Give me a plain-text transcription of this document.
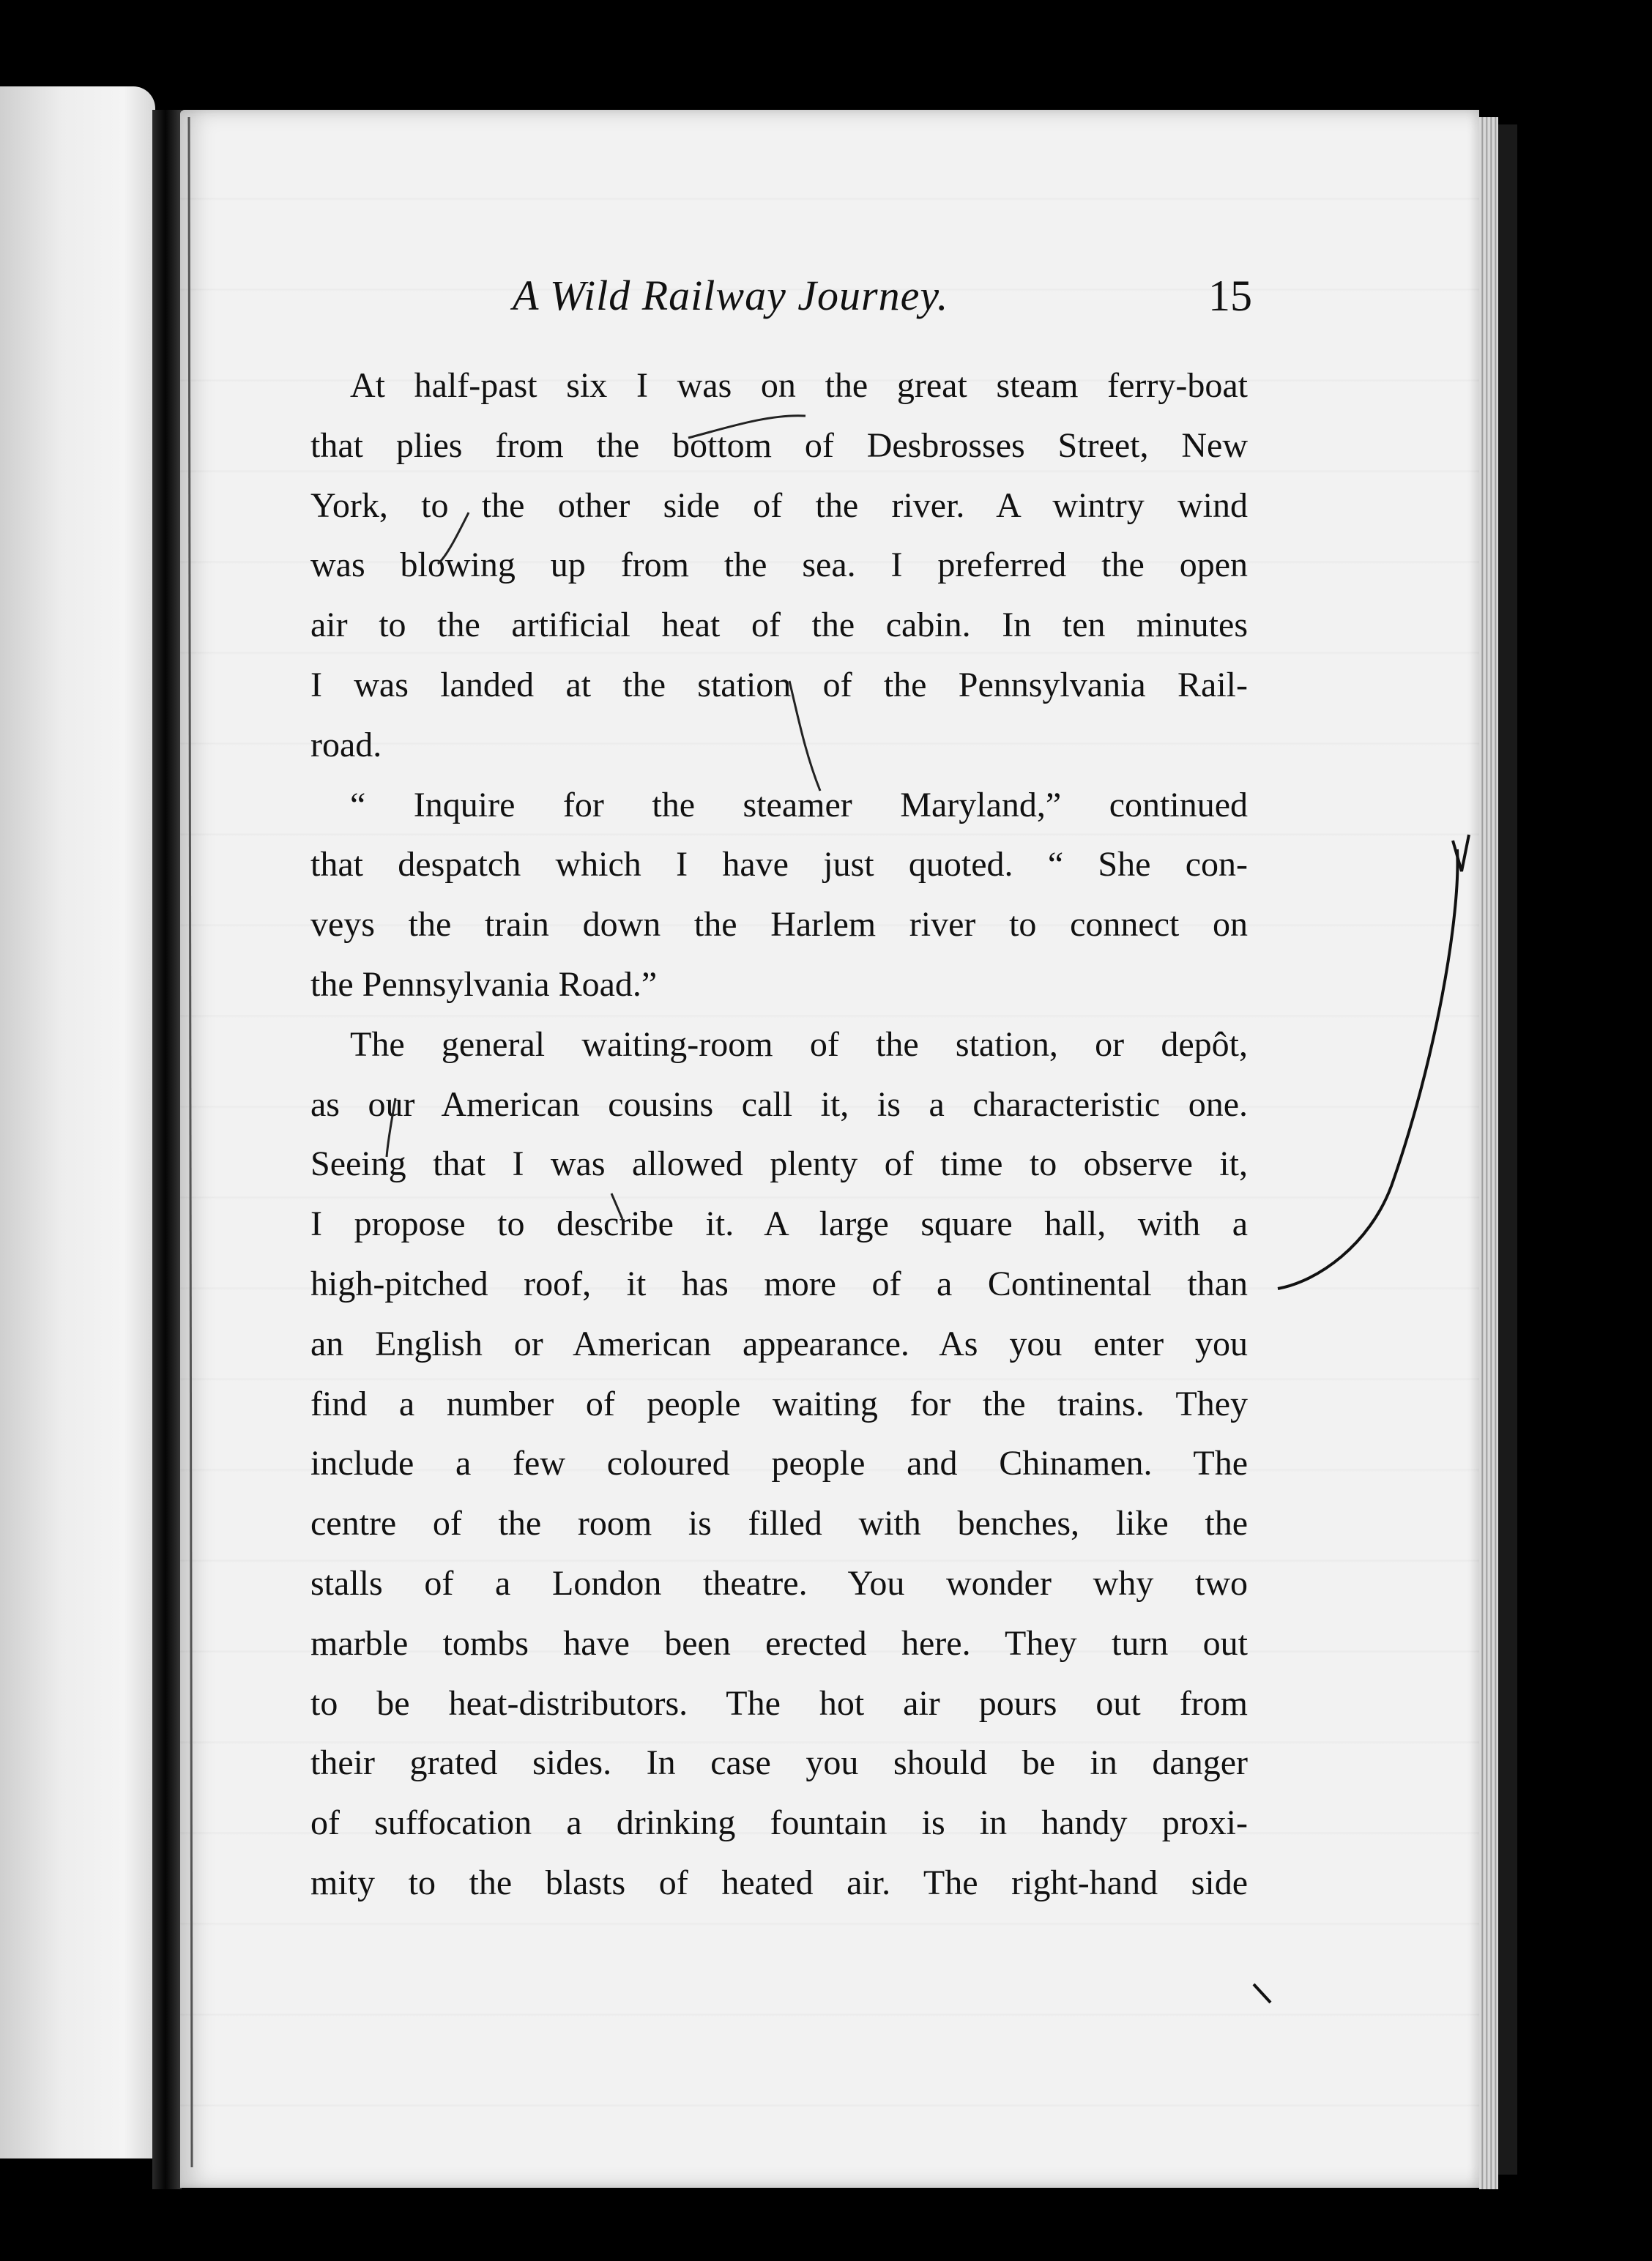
A Wild Railway Journey.	15
At half-past six I was on the great steam ferry-boat
that plies from the bottom of Desbrosses Street, New
York, to the other side of the river. A wintry wind
was blowing up from the sea. I preferred the open
air to the artificial heat of the cabin. In ten minutes
I was landed at the station of the Pennsylvania Rail-
road.
“ Inquire for the steamer Maryland,” continued
that despatch which I have just quoted. “ She con-
veys the train down the Harlem river to connect on
the Pennsylvania Road.”
The general waiting-room of the station, or depôt,
as our American cousins call it, is a characteristic one.
Seeing that I was allowed plenty of time to observe it,
I propose to describe it. A large square hall, with a
high-pitched roof, it has more of a Continental than
an English or American appearance. As you enter you
find a number of people waiting for the trains. They
include a few coloured people and Chinamen. The
centre of the room is filled with benches, like the
stalls of a London theatre. You wonder why two
marble tombs have been erected here. They turn out
to be heat-distributors. The hot air pours out from
their grated sides. In case you should be in danger
of suffocation a drinking fountain is in handy proxi-
mity to the blasts of heated air. The right-hand side
